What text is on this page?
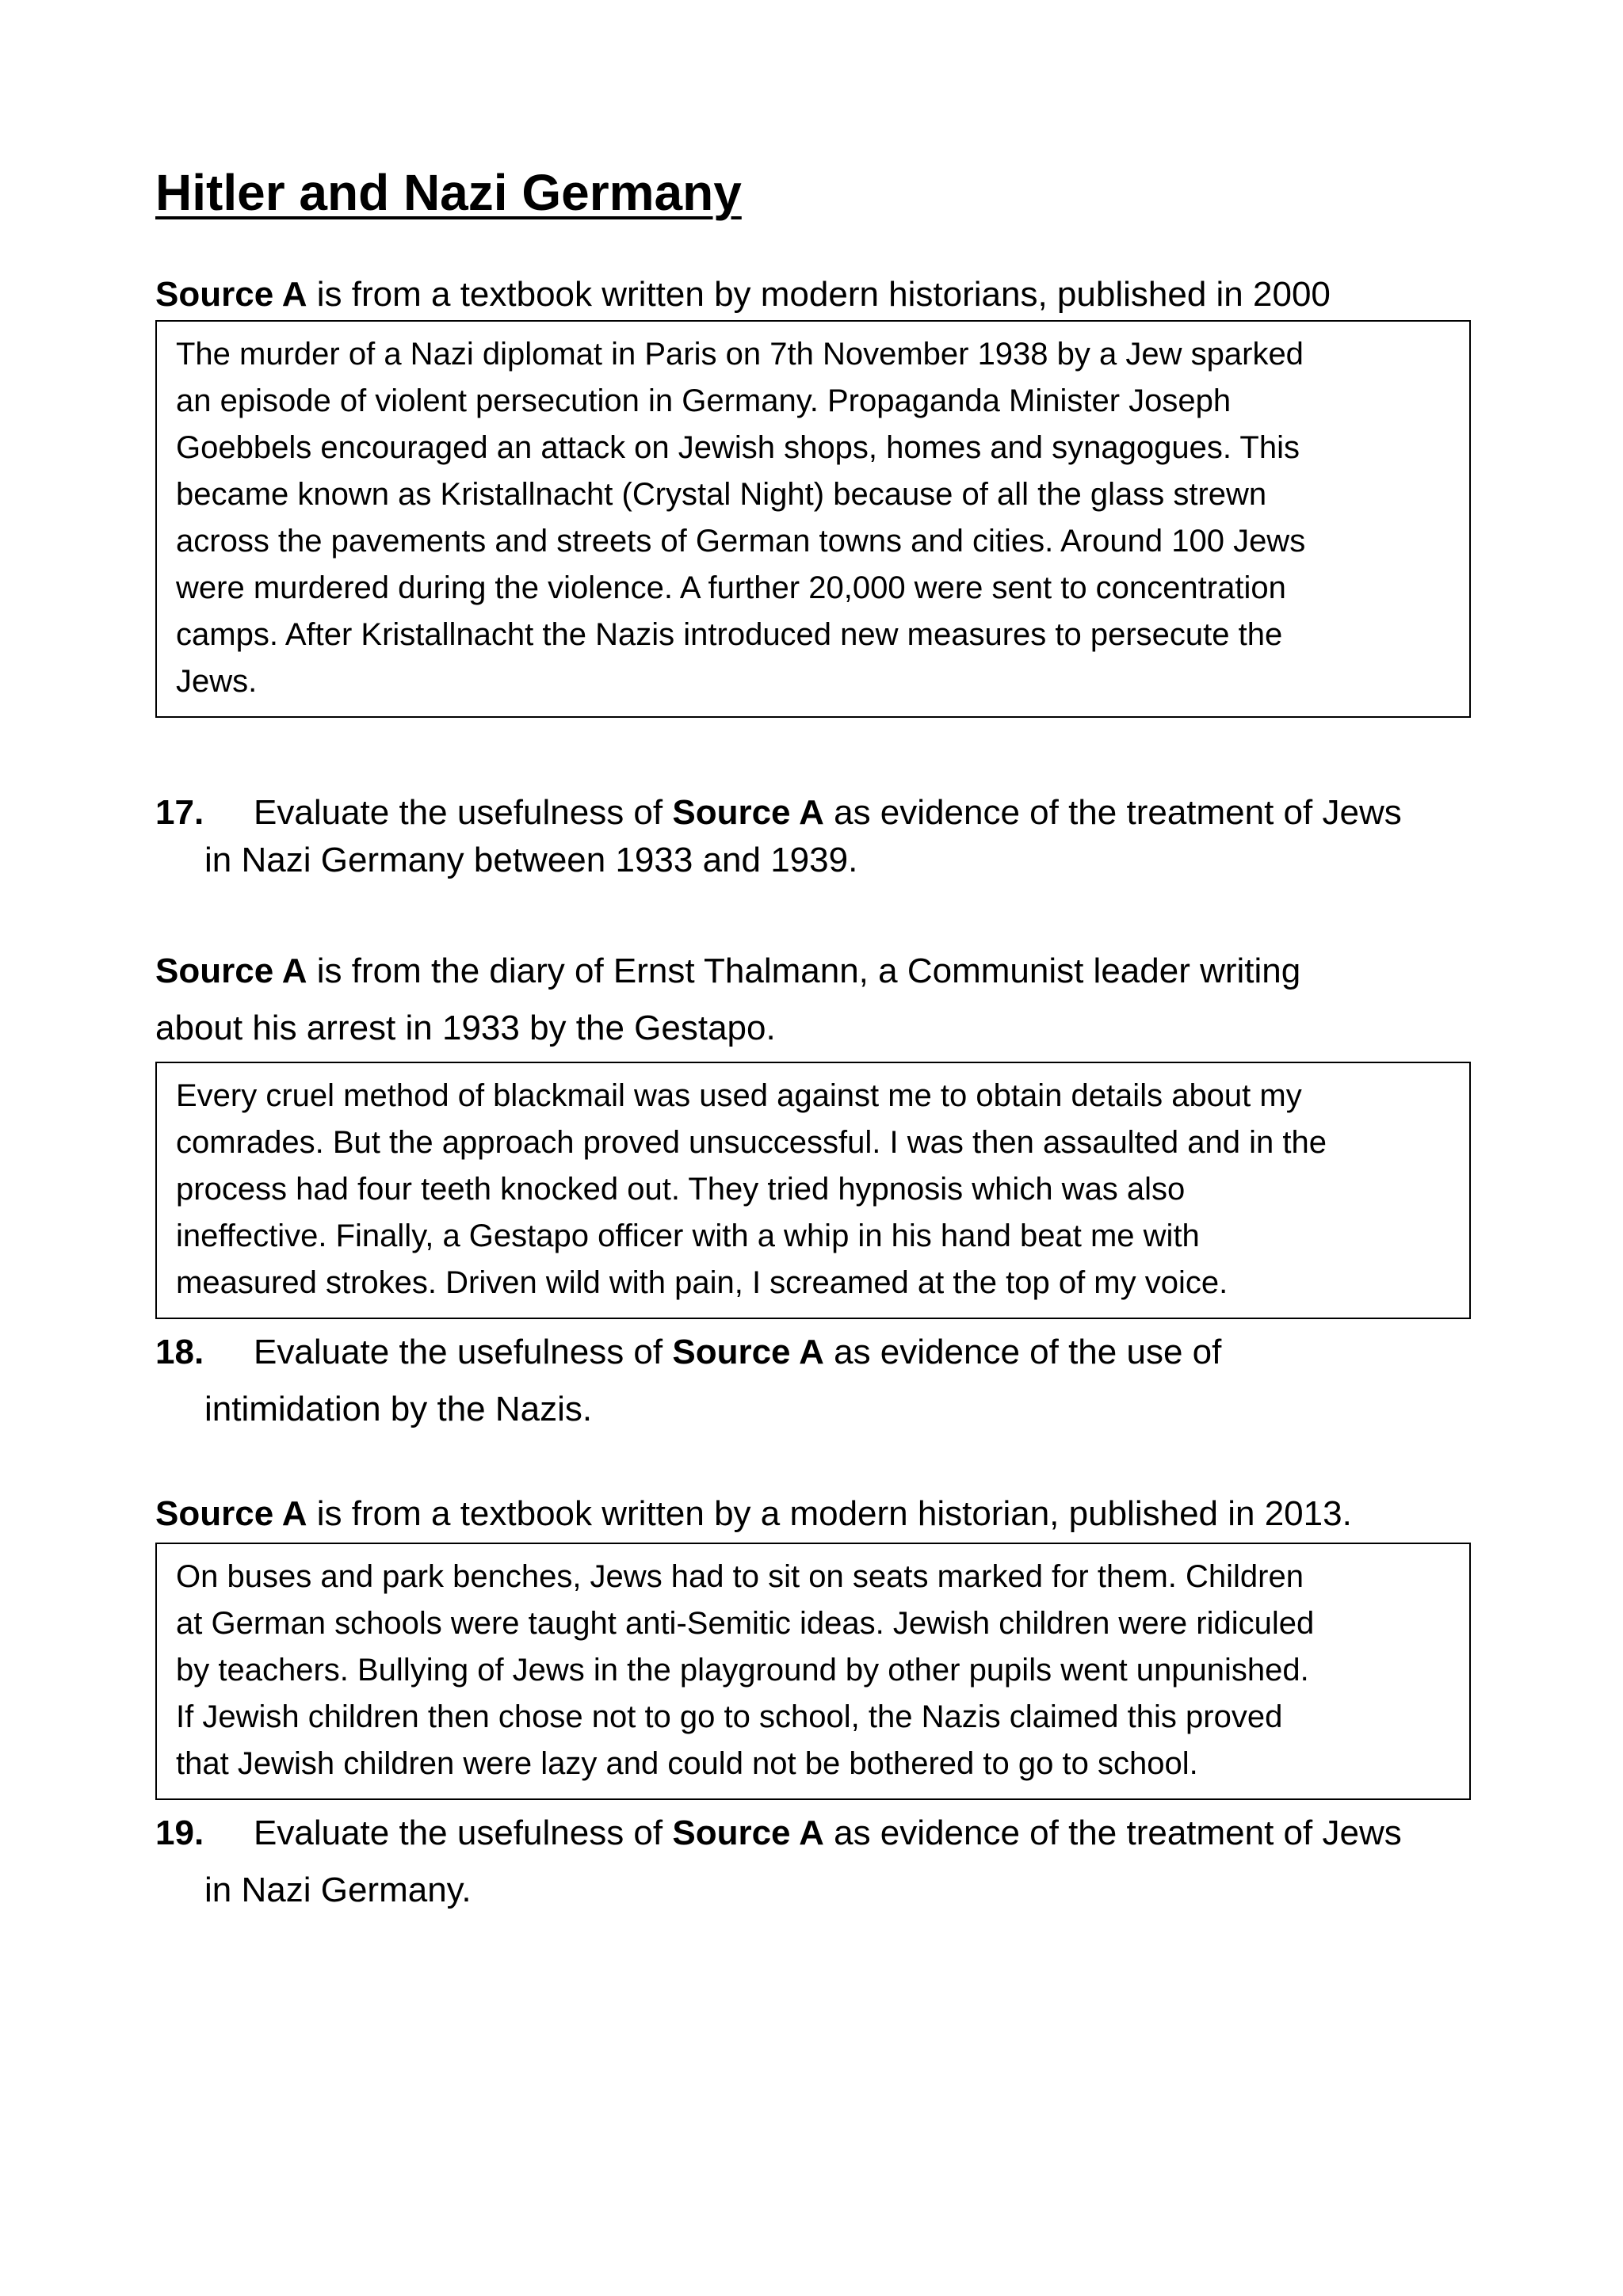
Hitler and Nazi Germany

Source A is from a textbook written by modern historians, published in 2000

The murder of a Nazi diplomat in Paris on 7th November 1938 by a Jew sparked
an episode of violent persecution in Germany. Propaganda Minister Joseph
Goebbels encouraged an attack on Jewish shops, homes and synagogues. This
became known as Kristallnacht (Crystal Night) because of all the glass strewn
across the pavements and streets of German towns and cities. Around 100 Jews
were murdered during the violence. A further 20,000 were sent to concentration
camps. After Kristallnacht the Nazis introduced new measures to persecute the
Jews.

17. Evaluate the usefulness of Source A as evidence of the treatment of Jews
in Nazi Germany between 1933 and 1939.

Source A is from the diary of Ernst Thalmann, a Communist leader writing
about his arrest in 1933 by the Gestapo.

Every cruel method of blackmail was used against me to obtain details about my
comrades. But the approach proved unsuccessful. I was then assaulted and in the
process had four teeth knocked out. They tried hypnosis which was also
ineffective. Finally, a Gestapo officer with a whip in his hand beat me with
measured strokes. Driven wild with pain, I screamed at the top of my voice.

18. Evaluate the usefulness of Source A as evidence of the use of
intimidation by the Nazis.

Source A is from a textbook written by a modern historian, published in 2013.

On buses and park benches, Jews had to sit on seats marked for them. Children
at German schools were taught anti-Semitic ideas. Jewish children were ridiculed
by teachers. Bullying of Jews in the playground by other pupils went unpunished.
If Jewish children then chose not to go to school, the Nazis claimed this proved
that Jewish children were lazy and could not be bothered to go to school.

19. Evaluate the usefulness of Source A as evidence of the treatment of Jews
in Nazi Germany.
